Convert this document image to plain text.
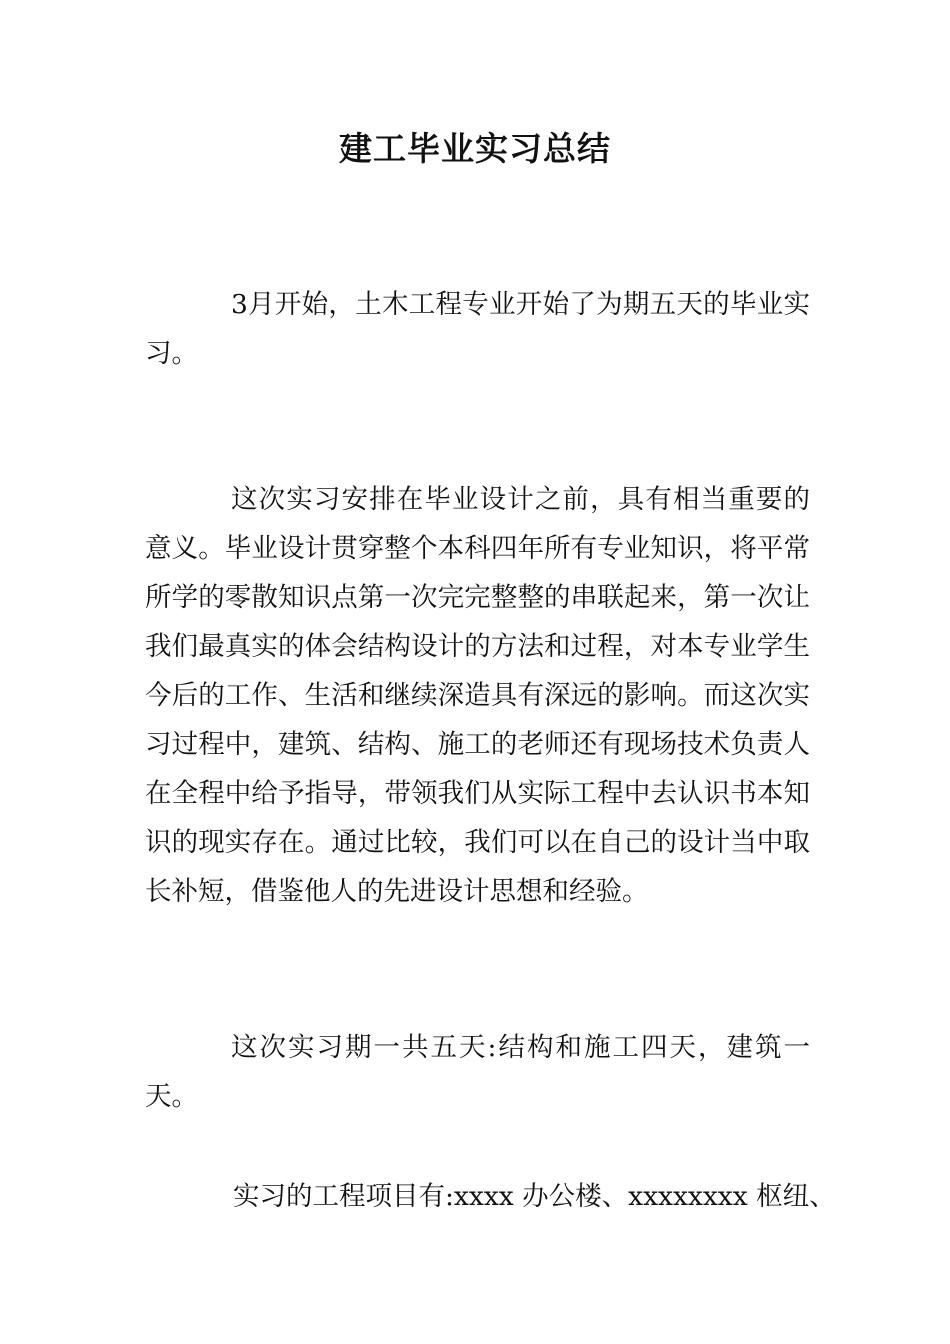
建工毕业实习总结

3月开始，土木工程专业开始了为期五天的毕业实习。

这次实习安排在毕业设计之前，具有相当重要的意义。毕业设计贯穿整个本科四年所有专业知识，将平常所学的零散知识点第一次完完整整的串联起来，第一次让我们最真实的体会结构设计的方法和过程，对本专业学生今后的工作、生活和继续深造具有深远的影响。而这次实习过程中，建筑、结构、施工的老师还有现场技术负责人在全程中给予指导，带领我们从实际工程中去认识书本知识的现实存在。通过比较，我们可以在自己的设计当中取长补短，借鉴他人的先进设计思想和经验。

这次实习期一共五天:结构和施工四天，建筑一天。

实习的工程项目有:xxxx 办公楼、xxxxxxxx 枢纽、
